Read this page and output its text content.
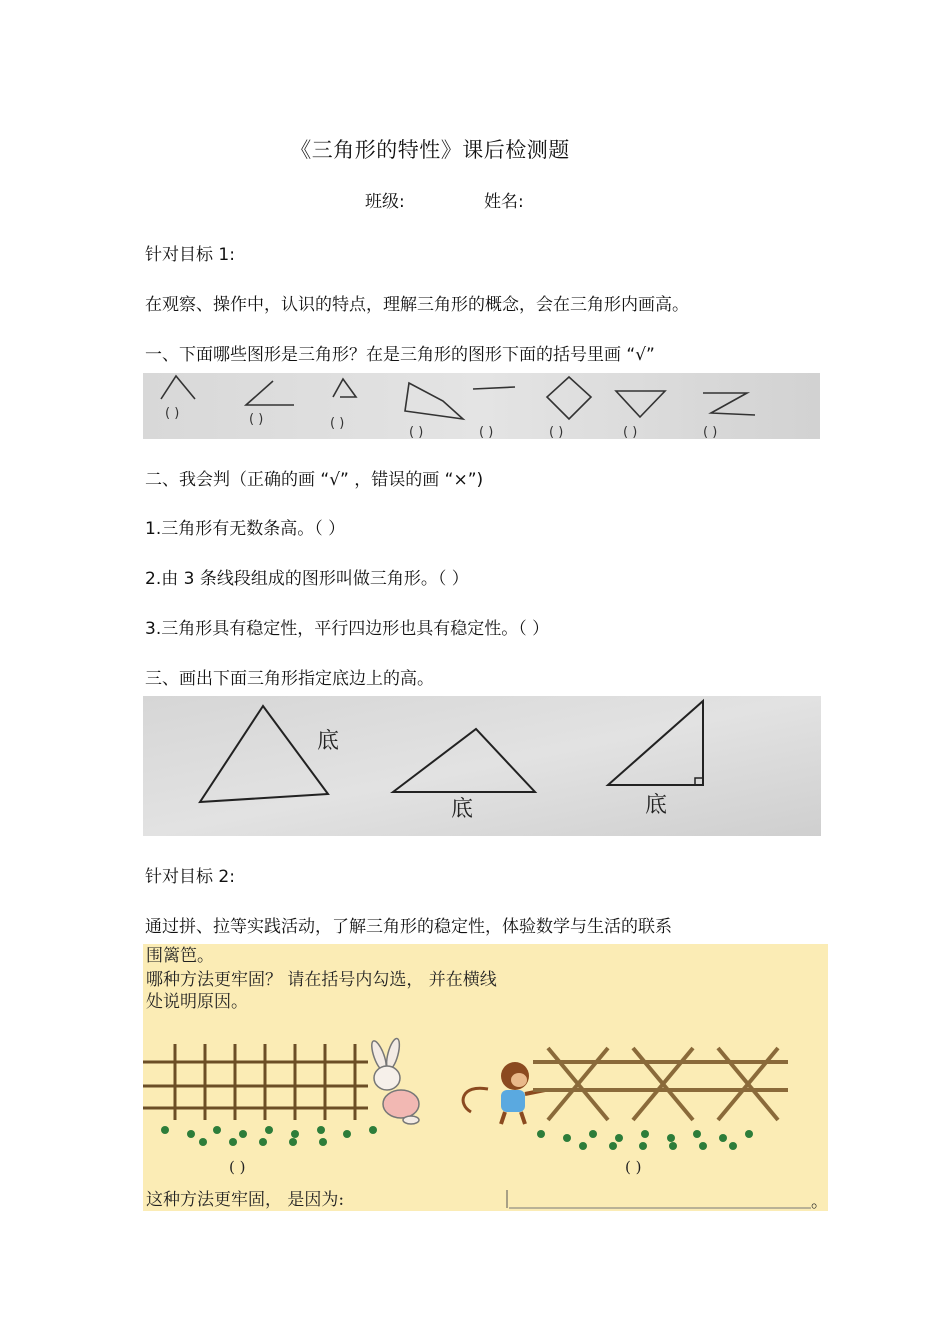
《三角形的特性》课后检测题
班级:	姓名:
针对目标 1:
在观察、操作中，认识的特点，理解三角形的概念，会在三角形内画高。
一、下面哪些图形是三角形？在是三角形的图形下面的括号里画 “√”
( )	( )	( )
( )	( )	( )	( )	( )
二、我会判（正确的画 “√” ，错误的画 “×”)
1.三角形有无数条高。（ ）
2.由 3 条线段组成的图形叫做三角形。（ ）
3.三角形具有稳定性，平行四边形也具有稳定性。（ ）
三、画出下面三角形指定底边上的高。
底
底	底
针对目标 2:
通过拼、拉等实践活动，了解三角形的稳定性，体验数学与生活的联系
围篱笆。
哪种方法更牢固？ 请在括号内勾选， 并在横线
处说明原因。
( )	( )
这种方法更牢固， 是因为:	。
